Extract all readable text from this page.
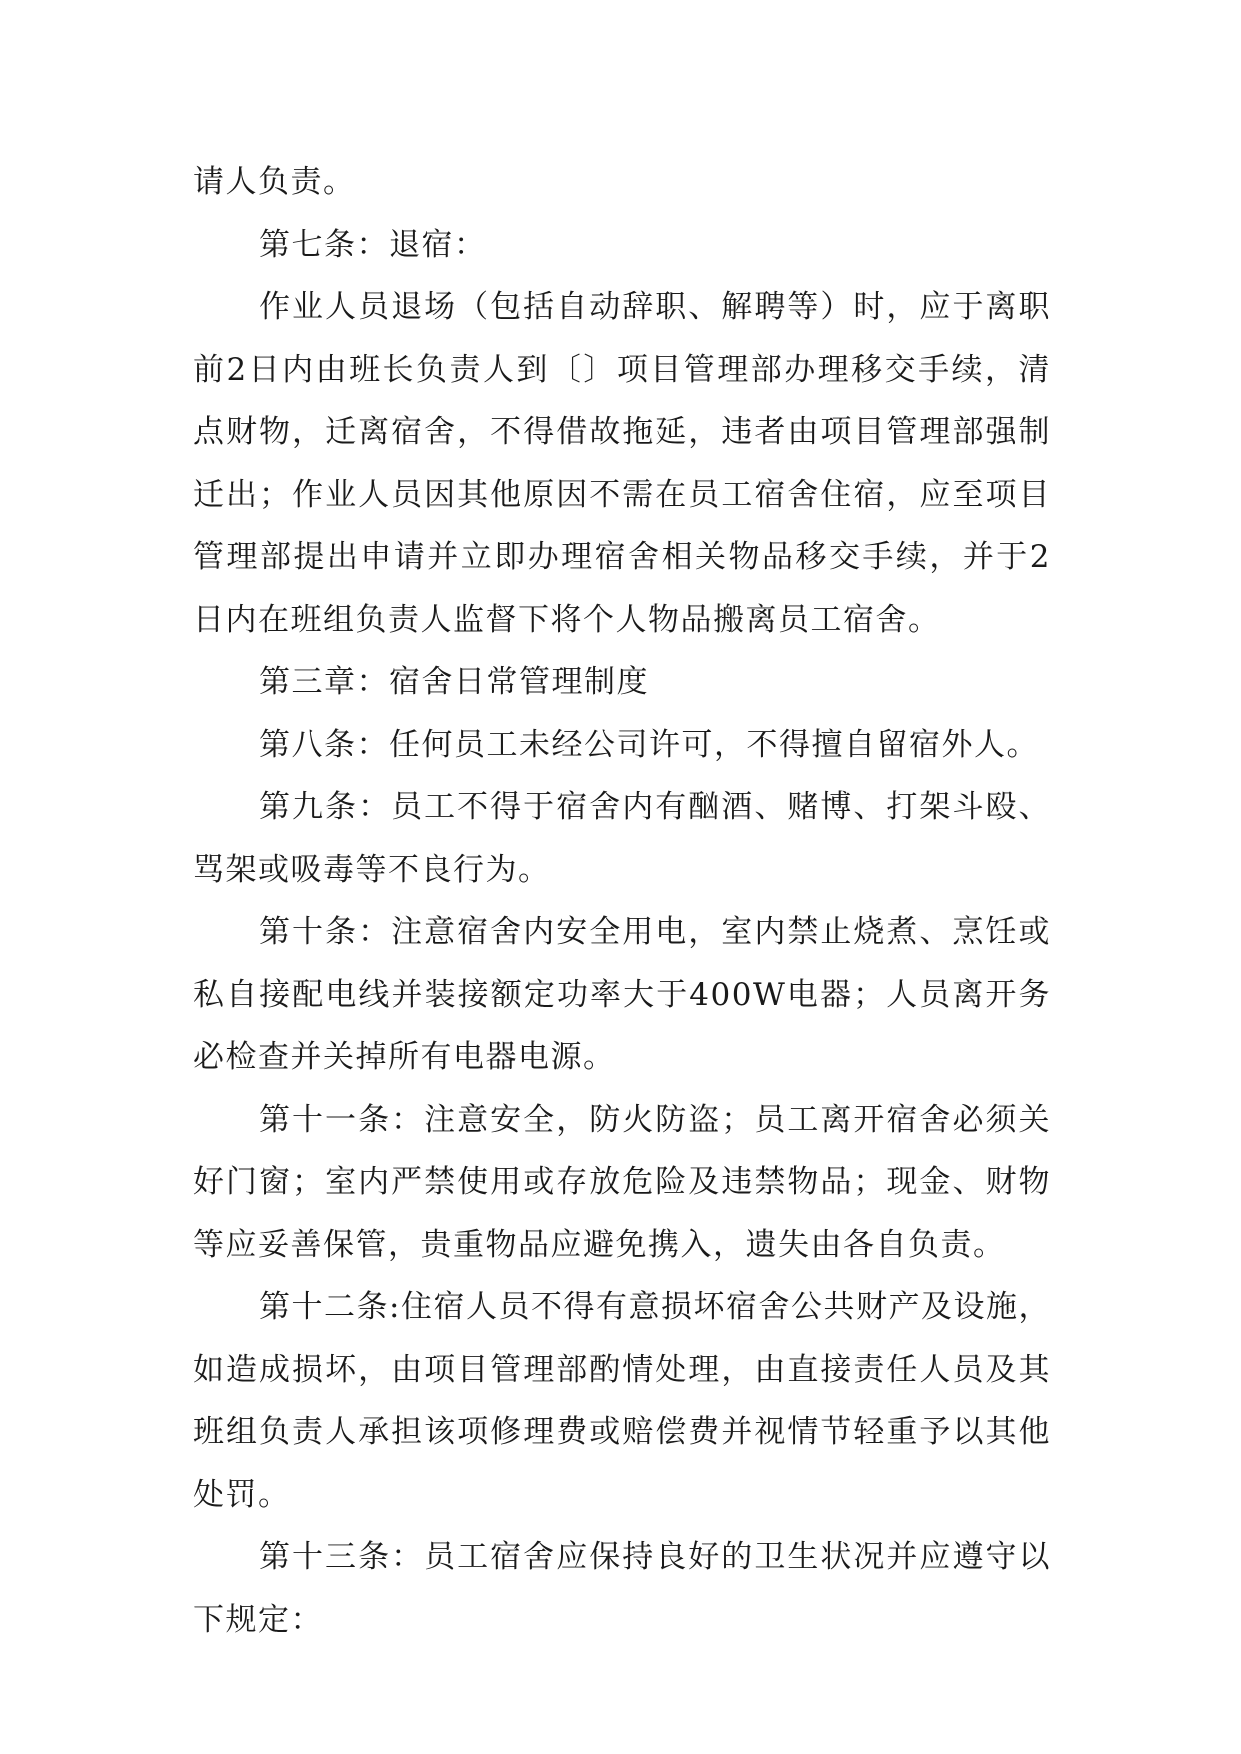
请人负责。

第七条：退宿：

作业人员退场（包括自动辞职、解聘等）时，应于离职前2日内由班长负责人到〔〕项目管理部办理移交手续，清点财物，迁离宿舍，不得借故拖延，违者由项目管理部强制迁出；作业人员因其他原因不需在员工宿舍住宿，应至项目管理部提出申请并立即办理宿舍相关物品移交手续，并于2日内在班组负责人监督下将个人物品搬离员工宿舍。

第三章：宿舍日常管理制度

第八条：任何员工未经公司许可，不得擅自留宿外人。

第九条：员工不得于宿舍内有酗酒、赌博、打架斗殴、骂架或吸毒等不良行为。

第十条：注意宿舍内安全用电，室内禁止烧煮、烹饪或私自接配电线并装接额定功率大于400W电器；人员离开务必检查并关掉所有电器电源。

第十一条：注意安全，防火防盗；员工离开宿舍必须关好门窗；室内严禁使用或存放危险及违禁物品；现金、财物等应妥善保管，贵重物品应避免携入，遗失由各自负责。

第十二条:住宿人员不得有意损坏宿舍公共财产及设施，如造成损坏，由项目管理部酌情处理，由直接责任人员及其班组负责人承担该项修理费或赔偿费并视情节轻重予以其他处罚。

第十三条：员工宿舍应保持良好的卫生状况并应遵守以下规定：
